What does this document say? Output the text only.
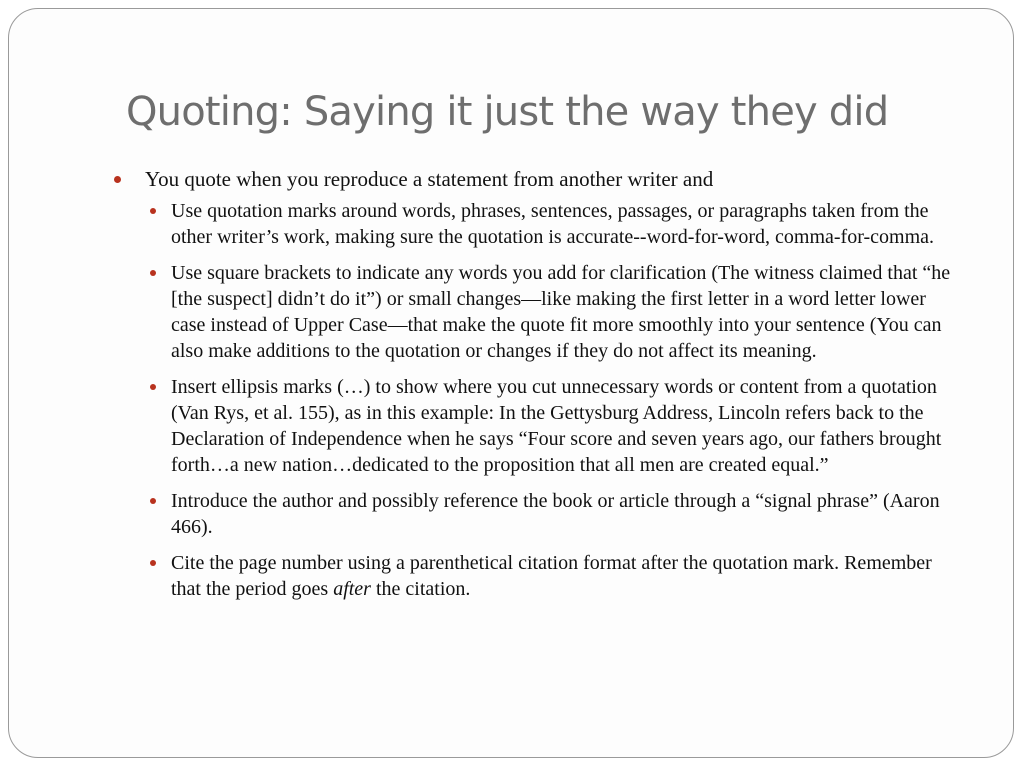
Quoting: Saying it just the way they did
You quote when you reproduce a statement from another writer and
Use quotation marks around words, phrases, sentences, passages, or paragraphs taken from the other writer’s work, making sure the quotation is accurate--word-for-word, comma-for-comma.
Use square brackets to indicate any words you add for clarification (The witness claimed that “he [the suspect] didn’t do it”) or small changes—like making the first letter in a word letter lower case instead of Upper Case—that make the quote fit more smoothly into your sentence (You can also make additions to the quotation or changes if they do not affect its meaning.
Insert ellipsis marks (…) to show where you cut unnecessary words or content from a quotation (Van Rys, et al. 155), as in this example: In the Gettysburg Address, Lincoln refers back to the Declaration of Independence when he says “Four score and seven years ago, our fathers brought forth…a new nation…dedicated to the proposition that all men are created equal.”
Introduce the author and possibly reference the book or article through a “signal phrase” (Aaron 466).
Cite the page number using a parenthetical citation format after the quotation mark. Remember that the period goes after the citation.
